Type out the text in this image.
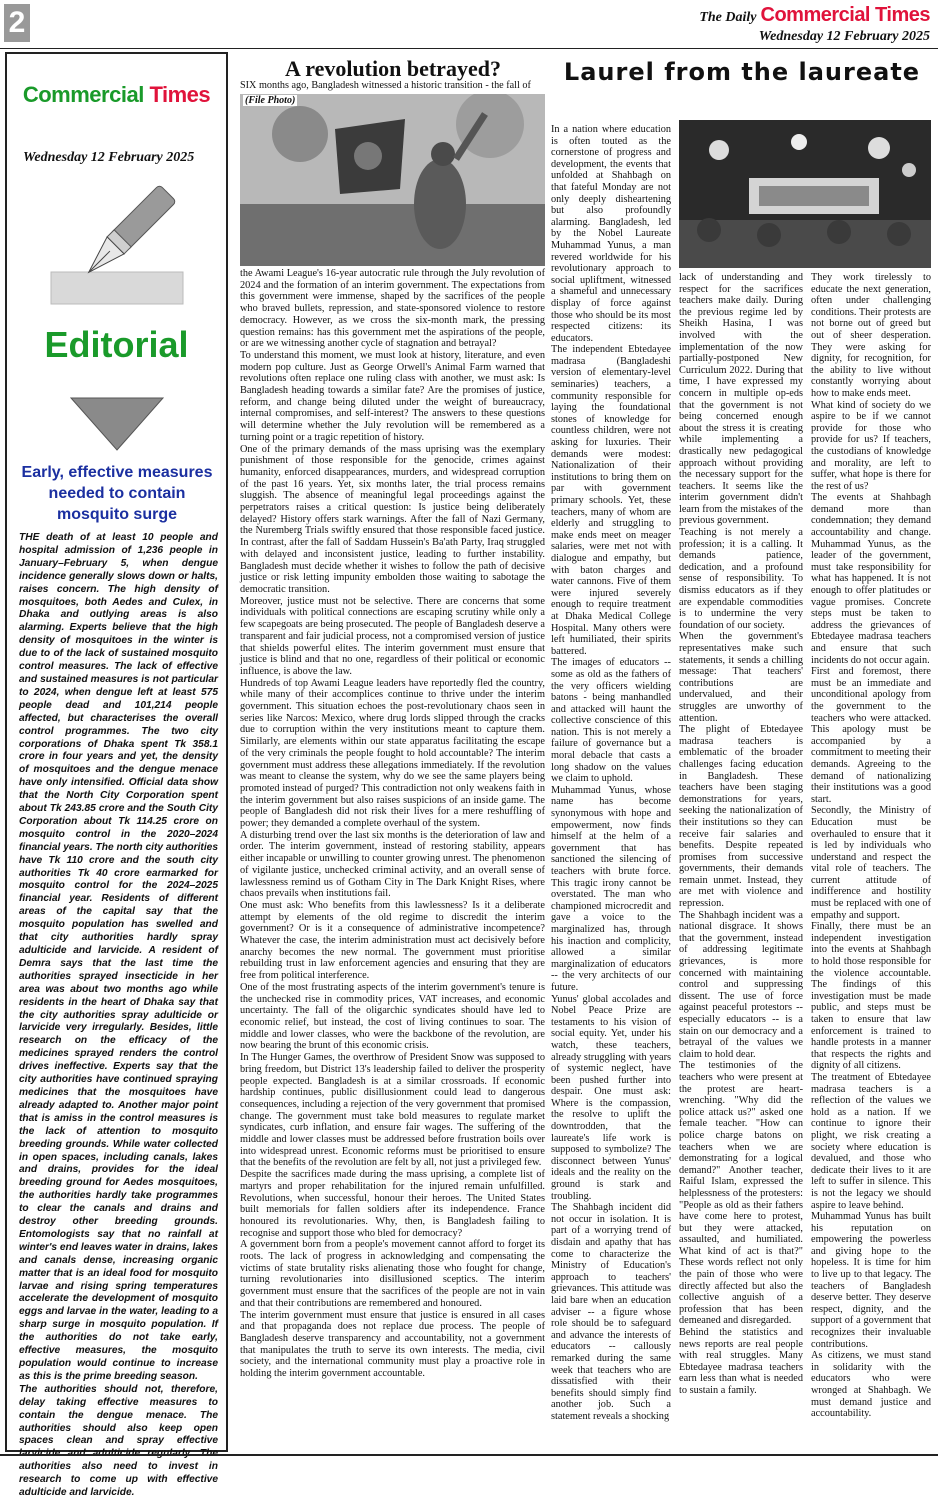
2	The Daily Commercial Times
Wednesday 12 February 2025
Commercial Times
Wednesday 12 February 2025
Editorial
Early, effective measures needed to contain mosquito surge
THE death of at least 10 people and hospital admission of 1,236 people in January–February 5, when dengue incidence generally slows down or halts, raises concern. The high density of mosquitoes, both Aedes and Culex, in Dhaka and outlying areas is also alarming. Experts believe that the high density of mosquitoes in the winter is due to of the lack of sustained mosquito control measures. The lack of effective and sustained measures is not particular to 2024, when dengue left at least 575 people dead and 101,214 people affected, but characterises the overall control programmes. The two city corporations of Dhaka spent Tk 358.1 crore in four years and yet, the density of mosquitoes and the dengue menace have only intensified. Official data show that the North City Corporation spent about Tk 243.85 crore and the South City Corporation about Tk 114.25 crore on mosquito control in the 2020–2024 financial years. The north city authorities have Tk 110 crore and the south city authorities Tk 40 crore earmarked for mosquito control for the 2024–2025 financial year. Residents of different areas of the capital say that the mosquito population has swelled and that city authorities hardly spray adulticide and larvicide. A resident of Demra says that the last time the authorities sprayed insecticide in her area was about two months ago while residents in the heart of Dhaka say that the city authorities spray adulticide or larvicide very irregularly. Besides, little research on the efficacy of the medicines sprayed renders the control drives ineffective. Experts say that the city authorities have continued spraying medicines that the mosquitoes have already adapted to. Another major point that is amiss in the control measures is the lack of attention to mosquito breeding grounds. While water collected in open spaces, including canals, lakes and drains, provides for the ideal breeding ground for Aedes mosquitoes, the authorities hardly take programmes to clear the canals and drains and destroy other breeding grounds. Entomologists say that no rainfall at winter's end leaves water in drains, lakes and canals dense, increasing organic matter that is an ideal food for mosquito larvae and rising spring temperatures accelerate the development of mosquito eggs and larvae in the water, leading to a sharp surge in mosquito population. If the authorities do not take early, effective measures, the mosquito population would continue to increase as this is the prime breeding season.
The authorities should not, therefore, delay taking effective measures to contain the dengue menace. The authorities should also keep open spaces clean and spray effective authorities also need to invest in research to come up with effective adulticide and larvicide.
A revolution betrayed?
SIX months ago, Bangladesh witnessed a historic transition - the fall of
(File Photo)
the Awami League's 16-year autocratic rule through the July revolution of 2024 and the formation of an interim government. The expectations from this government were immense, shaped by the sacrifices of the people who braved bullets, repression, and state-sponsored violence to restore democracy. However, as we cross the six-month mark, the pressing question remains: has this government met the aspirations of the people, or are we witnessing another cycle of stagnation and betrayal?
To understand this moment, we must look at history, literature, and even modern pop culture. Just as George Orwell's Animal Farm warned that revolutions often replace one ruling class with another, we must ask: Is Bangladesh heading towards a similar fate? Are the promises of justice, reform, and change being diluted under the weight of bureaucracy, internal compromises, and self-interest? The answers to these questions will determine whether the July revolution will be remembered as a turning point or a tragic repetition of history.
One of the primary demands of the mass uprising was the exemplary punishment of those responsible for the genocide, crimes against humanity, enforced disappearances, murders, and widespread corruption of the past 16 years. Yet, six months later, the trial process remains sluggish. The absence of meaningful legal proceedings against the perpetrators raises a critical question: Is justice being deliberately delayed? History offers stark warnings. After the fall of Nazi Germany, the Nuremberg Trials swiftly ensured that those responsible faced justice. In contrast, after the fall of Saddam Hussein's Ba'ath Party, Iraq struggled with delayed and inconsistent justice, leading to further instability. Bangladesh must decide whether it wishes to follow the path of decisive justice or risk letting impunity embolden those waiting to sabotage the democratic transition.
Moreover, justice must not be selective. There are concerns that some individuals with political connections are escaping scrutiny while only a few scapegoats are being prosecuted. The people of Bangladesh deserve a transparent and fair judicial process, not a compromised version of justice that shields powerful elites. The interim government must ensure that justice is blind and that no one, regardless of their political or economic influence, is above the law.
Hundreds of top Awami League leaders have reportedly fled the country, while many of their accomplices continue to thrive under the interim government. This situation echoes the post-revolutionary chaos seen in series like Narcos: Mexico, where drug lords slipped through the cracks due to corruption within the very institutions meant to capture them. Similarly, are elements within our state apparatus facilitating the escape of the very criminals the people fought to hold accountable? The interim government must address these allegations immediately. If the revolution was meant to cleanse the system, why do we see the same players being promoted instead of purged? This contradiction not only weakens faith in the interim government but also raises suspicions of an inside game. The people of Bangladesh did not risk their lives for a mere reshuffling of power; they demanded a complete overhaul of the system.
A disturbing trend over the last six months is the deterioration of law and order. The interim government, instead of restoring stability, appears either incapable or unwilling to counter growing unrest. The phenomenon of vigilante justice, unchecked criminal activity, and an overall sense of lawlessness remind us of Gotham City in The Dark Knight Rises, where chaos prevails when institutions fail.
One must ask: Who benefits from this lawlessness? Is it a deliberate attempt by elements of the old regime to discredit the interim government? Or is it a consequence of administrative incompetence? Whatever the case, the interim administration must act decisively before anarchy becomes the new normal. The government must prioritise rebuilding trust in law enforcement agencies and ensuring that they are free from political interference.
One of the most frustrating aspects of the interim government's tenure is the unchecked rise in commodity prices, VAT increases, and economic uncertainty. The fall of the oligarchic syndicates should have led to economic relief, but instead, the cost of living continues to soar. The middle and lower classes, who were the backbone of the revolution, are now bearing the brunt of this economic crisis.
In The Hunger Games, the overthrow of President Snow was supposed to bring freedom, but District 13's leadership failed to deliver the prosperity people expected. Bangladesh is at a similar crossroads. If economic hardship continues, public disillusionment could lead to dangerous consequences, including a rejection of the very government that promised change. The government must take bold measures to regulate market syndicates, curb inflation, and ensure fair wages. The suffering of the middle and lower classes must be addressed before frustration boils over into widespread unrest. Economic reforms must be prioritised to ensure that the benefits of the revolution are felt by all, not just a privileged few.
Despite the sacrifices made during the mass uprising, a complete list of martyrs and proper rehabilitation for the injured remain unfulfilled. Revolutions, when successful, honour their heroes. The United States built memorials for fallen soldiers after its independence. France honoured its revolutionaries. Why, then, is Bangladesh failing to recognise and support those who bled for democracy?
A government born from a people's movement cannot afford to forget its roots. The lack of progress in acknowledging and compensating the victims of state brutality risks alienating those who fought for change, turning revolutionaries into disillusioned sceptics. The interim government must ensure that the sacrifices of the people are not in vain and that their contributions are remembered and honoured.
The interim government must ensure that justice is ensured in all cases and that propaganda does not replace due process. The people of Bangladesh deserve transparency and accountability, not a government that manipulates the truth to serve its own interests. The media, civil society, and the international community must play a proactive role in holding the interim government accountable.
Laurel from the laureate
In a nation where education is often touted as the cornerstone of progress and development, the events that unfolded at Shahbagh on that fateful Monday are not only deeply disheartening but also profoundly alarming. Bangladesh, led by the Nobel Laureate Muhammad Yunus, a man revered worldwide for his revolutionary approach to social upliftment, witnessed a shameful and unnecessary display of force against those who should be its most respected citizens: its educators.
The independent Ebtedayee madrasa (Bangladeshi version of elementary-level seminaries) teachers, a community responsible for laying the foundational stones of knowledge for countless children, were not asking for luxuries. Their demands were modest: Nationalization of their institutions to bring them on par with government primary schools. Yet, these teachers, many of whom are elderly and struggling to make ends meet on meager salaries, were met not with dialogue and empathy, but with baton charges and water cannons. Five of them were injured severely enough to require treatment at Dhaka Medical College Hospital. Many others were left humiliated, their spirits battered.
The images of educators -- some as old as the fathers of the very officers wielding batons - being manhandled and attacked will haunt the collective conscience of this nation. This is not merely a failure of governance but a moral debacle that casts a long shadow on the values we claim to uphold.
Muhammad Yunus, whose name has become synonymous with hope and empowerment, now finds himself at the helm of a government that has sanctioned the silencing of teachers with brute force. This tragic irony cannot be overstated. The man who championed microcredit and gave a voice to the marginalized has, through his inaction and complicity, allowed a similar marginalization of educators -- the very architects of our future.
Yunus' global accolades and Nobel Peace Prize are testaments to his vision of social equity. Yet, under his watch, these teachers, already struggling with years of systemic neglect, have been pushed further into despair. One must ask: Where is the compassion, the resolve to uplift the downtrodden, that the laureate's life work is supposed to symbolize? The disconnect between Yunus' ideals and the reality on the ground is stark and troubling.
The Shahbagh incident did not occur in isolation. It is part of a worrying trend of disdain and apathy that has come to characterize the Ministry of Education's approach to teachers' grievances. This attitude was laid bare when an education adviser -- a figure whose role should be to safeguard and advance the interests of educators -- callously remarked during the same week that teachers who are dissatisfied with their benefits should simply find another job. Such a statement reveals a shocking
lack of understanding and respect for the sacrifices teachers make daily. During the previous regime led by Sheikh Hasina, I was involved with the implementation of the now partially-postponed New Curriculum 2022. During that time, I have expressed my concern in multiple op-eds that the government is not being concerned enough about the stress it is creating while implementing a drastically new pedagogical approach without providing the necessary support for the teachers. It seems like the interim government didn't learn from the mistakes of the previous government.
Teaching is not merely a profession; it is a calling. It demands patience, dedication, and a profound sense of responsibility. To dismiss educators as if they are expendable commodities is to undermine the very foundation of our society.
When the government's representatives make such statements, it sends a chilling message: That teachers' contributions are undervalued, and their struggles are unworthy of attention.
The plight of Ebtedayee madrasa teachers is emblematic of the broader challenges facing education in Bangladesh. These teachers have been staging demonstrations for years, seeking the nationalization of their institutions so they can receive fair salaries and benefits. Despite repeated promises from successive governments, their demands remain unmet. Instead, they are met with violence and repression.
The Shahbagh incident was a national disgrace. It shows that the government, instead of addressing legitimate grievances, is more concerned with maintaining control and suppressing dissent. The use of force against peaceful protestors -- especially educators -- is a stain on our democracy and a betrayal of the values we claim to hold dear.
The testimonies of the teachers who were present at the protest are heart-wrenching. "Why did the police attack us?" asked one female teacher. "How can police charge batons on teachers when we are demonstrating for a logical demand?" Another teacher, Raiful Islam, expressed the helplessness of the protesters: "People as old as their fathers have come here to protest, but they were attacked, assaulted, and humiliated. What kind of act is that?" These words reflect not only the pain of those who were directly affected but also the collective anguish of a profession that has been demeaned and disregarded.
Behind the statistics and news reports are real people with real struggles. Many Ebtedayee madrasa teachers earn less than what is needed to sustain a family.
They work tirelessly to educate the next generation, often under challenging conditions. Their protests are not borne out of greed but out of sheer desperation. They were asking for dignity, for recognition, for the ability to live without constantly worrying about how to make ends meet.
What kind of society do we aspire to be if we cannot provide for those who provide for us? If teachers, the custodians of knowledge and morality, are left to suffer, what hope is there for the rest of us?
The events at Shahbagh demand more than condemnation; they demand accountability and change. Muhammad Yunus, as the leader of the government, must take responsibility for what has happened. It is not enough to offer platitudes or vague promises. Concrete steps must be taken to address the grievances of Ebtedayee madrasa teachers and ensure that such incidents do not occur again.
First and foremost, there must be an immediate and unconditional apology from the government to the teachers who were attacked. This apology must be accompanied by a commitment to meeting their demands. Agreeing to the demand of nationalizing their institutions was a good start.
Secondly, the Ministry of Education must be overhauled to ensure that it is led by individuals who understand and respect the vital role of teachers. The current attitude of indifference and hostility must be replaced with one of empathy and support.
Finally, there must be an independent investigation into the events at Shahbagh to hold those responsible for the violence accountable. The findings of this investigation must be made public, and steps must be taken to ensure that law enforcement is trained to handle protests in a manner that respects the rights and dignity of all citizens.
The treatment of Ebtedayee madrasa teachers is a reflection of the values we hold as a nation. If we continue to ignore their plight, we risk creating a society where education is devalued, and those who dedicate their lives to it are left to suffer in silence. This is not the legacy we should aspire to leave behind.
Muhammad Yunus has built his reputation on empowering the powerless and giving hope to the hopeless. It is time for him to live up to that legacy. The teachers of Bangladesh deserve better. They deserve respect, dignity, and the support of a government that recognizes their invaluable contributions.
As citizens, we must stand in solidarity with the educators who were wronged at Shahbagh. We must demand justice and accountability.
